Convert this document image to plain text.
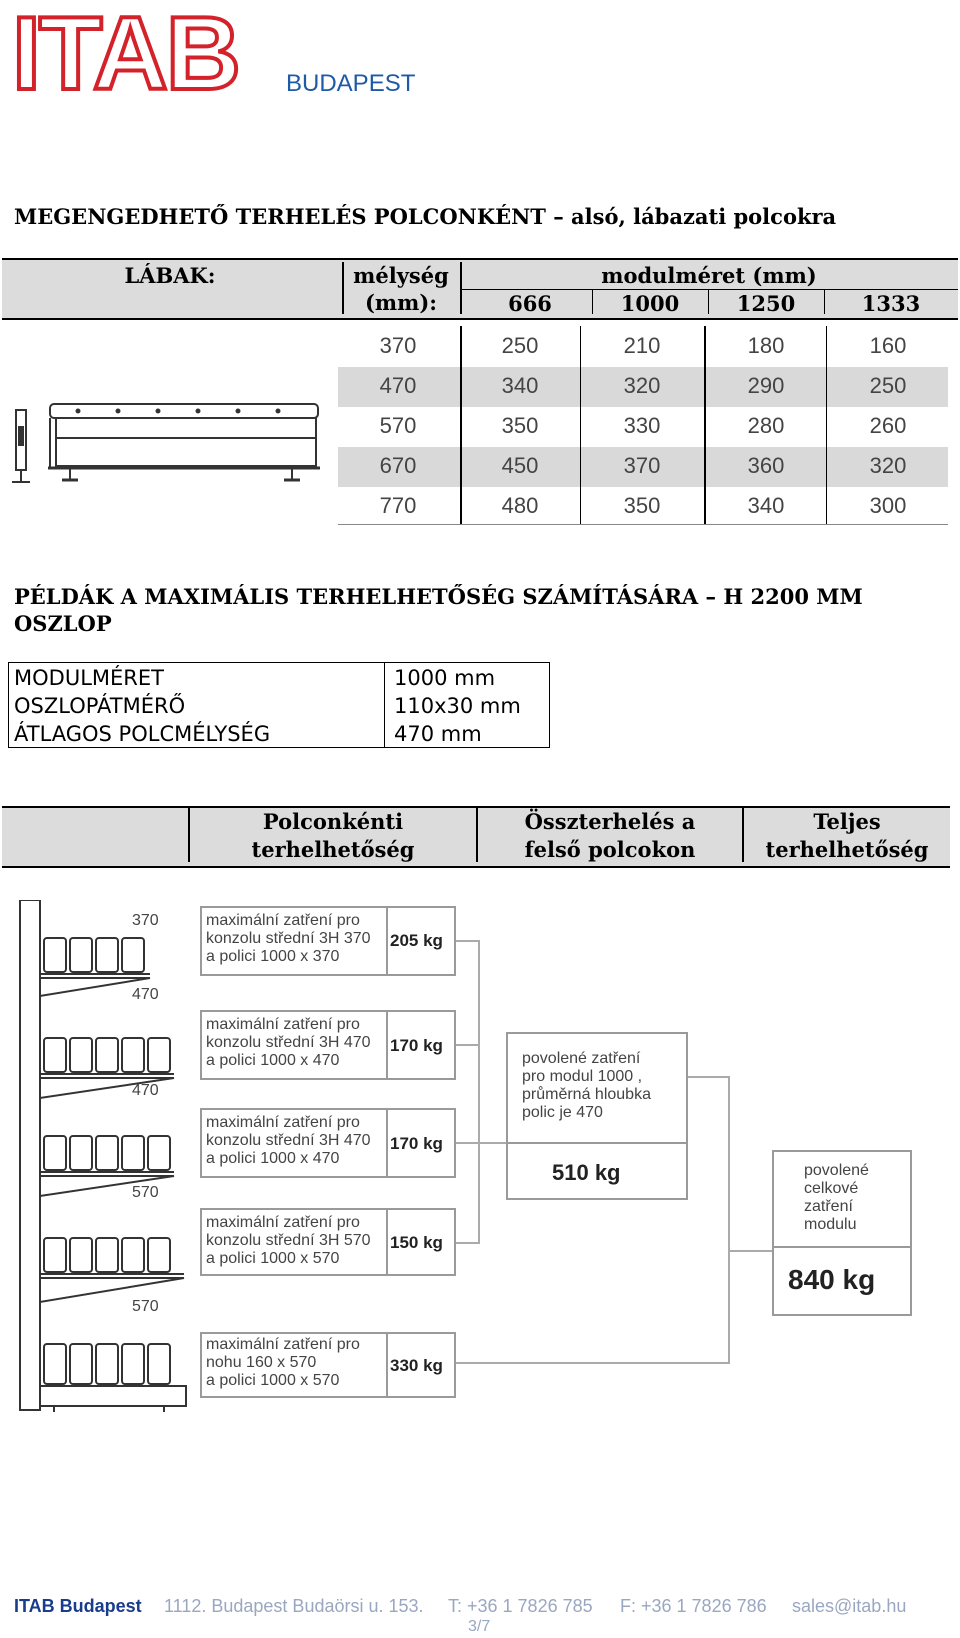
ITAB BUDAPEST
MEGENGEDHETŐ TERHELÉS POLCONKÉNT – alsó, lábazati polcokra
LÁBAK:	mélység
(mm):
modulméret (mm)
666	1000	1250	1333
370	250	210	180	160
470	340	320	290	250
570	350	330	280	260
670	450	370	360	320
770	480	350	340	300
PÉLDÁK A MAXIMÁLIS TERHELHETŐSÉG SZÁMÍTÁSÁRA – H 2200 MM
OSZLOP
MODULMÉRET	1000 mm
OSZLOPÁTMÉRŐ	110x30 mm
ÁTLAGOS POLCMÉLYSÉG	470 mm
Polconkénti
terhelhetőség
Összterhelés a
felső polcokon
Teljes
terhelhetőség
370
470
470
570
570
maximální zatření pro
konzolu střední 3H 370
a polici 1000 x 370
205 kg
maximální zatření pro
konzolu střední 3H 470
a polici 1000 x 470
170 kg
maximální zatření pro
konzolu střední 3H 470
a polici 1000 x 470
170 kg
maximální zatření pro
konzolu střední 3H 570
a polici 1000 x 570
150 kg
maximální zatření pro
nohu 160 x 570
a polici 1000 x 570
330 kg
povolené zatření
pro modul 1000 ,
průměrná hloubka
polic je 470
510 kg	povolené
celkové
zatření
modulu
840 kg
ITAB Budapest 1112. Budapest Budaörsi u. 153. T: +36 1 7826 785 F: +36 1 7826 786 sales@itab.hu
3/7
